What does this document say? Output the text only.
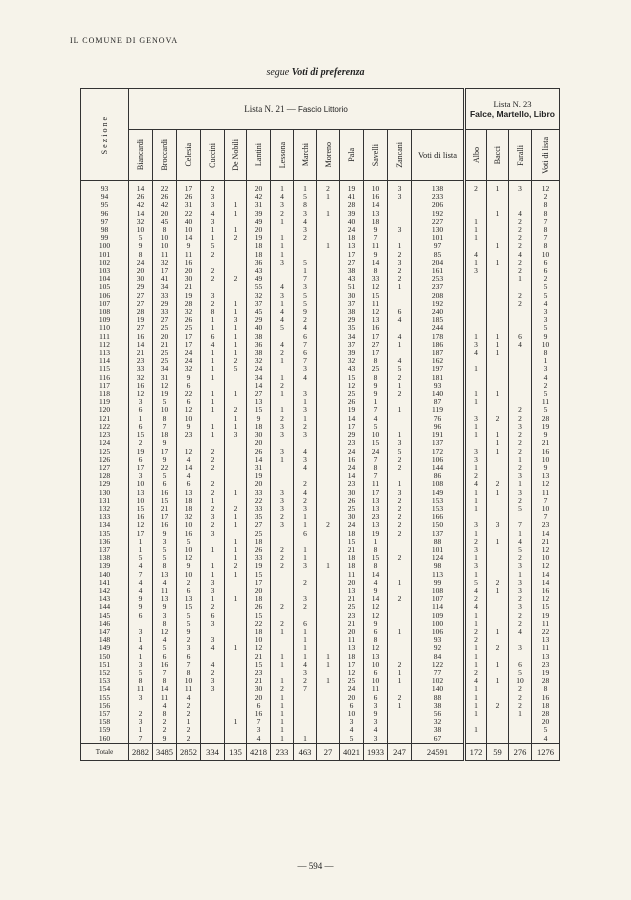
IL COMUNE DI GENOVA
segue Voti di preferenza
Sezione	Lista N. 21 — Fascio Littorio													Lista N. 23
Falce, Martello, Libro			

	Biancardi	Broccardi	Celesia	Cuccini	De Nobili	Lantini	Lessona	Marchi	Moreno	Pala	Savelli	Zancani	Voti di lista	Albo	Bacci	Faralli	Voti di lista

93	14	22	17	2		20	1	1	2	19	10	3	138	2	1	3	12
94	26	26	26	3		42	4	5	1	41	16	3	233				2
95	42	42	31	3	1	31	3	8		28	14		206				8
96	14	20	22	4	1	39	2	3	1	39	13		192		1	4	8
97	32	45	40	3		49	1	4		40	18		227	1		2	7
98	10	8	10	1	1	20		3		24	9	3	130	1		2	8
99	5	10	14	1	2	19	1	2		18	7		101	1		2	7
100	9	10	9	5		18	1		1	13	11	1	97		1	2	8
101	8	11	11	2		18	1			17	9	2	85	4		4	10
102	24	32	16			36	3	5		27	14	3	204	1	1	2	6
103	20	17	20	2		43		1		38	8	2	161	3		2	6
104	30	41	30	2	2	49		7		43	33	2	253			1	2
105	29	34	21			55	4	3		51	12	1	237				5
106	27	33	19	3		32	3	5		30	15		208			2	5
107	27	29	28	2	1	37	1	5		37	11		192			2	4
108	28	33	32	8	1	45	4	9		38	12	6	240				3
109	19	27	26	1	3	29	4	2		29	13	4	185				3
110	27	25	25	1	1	40	5	4		35	16		244				5
111	16	20	17	6	1	38		6		34	17	4	178	1	1	6	9
112	14	21	17	4	1	36	4	7		37	27	1	186	3	1	4	10
113	21	25	24	1	1	38	2	6		39	17		187	4	1		8
114	23	25	24	1	2	32	1	7		32	8	4	162				1
115	33	34	32	1	5	24		3		43	25	5	197	1			3
116	32	31	9	1		34	1	4		15	8	2	181				4
117	16	12	6			14	2			12	9	1	93				2
118	12	19	22	1	1	27	1	3		25	9	2	140	1	1		5
119	3	5	6	1		13		1		26	1		87	1			11
120	6	10	12	1	2	15	1	3		19	7	1	119			2	5
121	1	8	10		1	9	2	1		14	4		76	3	2	2	28
122	6	7	9	1	1	18	3	2		17	5		96	1		3	19
123	15	18	23	1	3	30	3	3		29	10	1	191	1	1	2	9
124	2	9				20				23	15	3	137		1	2	21
125	19	17	12	2		26	3	4		24	24	5	172	3	1	2	16
126	6	9	4	2		14	1	3		16	7	2	106	3		1	10
127	17	22	14	2		31		4		24	8	2	144	1		2	9
128	3	5	4			19				14	7		86	2		3	13
129	10	6	6	2		20		2		23	11	1	108	4	2	1	12
130	13	16	13	2	1	33	3	4		30	17	3	149	1	1	3	11
131	10	15	18	1		22	3	2		26	13	2	153	1		2	7
132	15	21	18	2	2	33	3	3		25	13	2	153	1		5	10
133	16	17	32	3	1	35	2	1		30	23	2	166				7
134	12	16	10	2	1	27	3	1	2	24	13	2	150	3	3	7	23
135	17	9	16	3		25		6		18	19	2	137	1		1	14
136	1	3	5		1	18				15	1		88	2	1	4	21
137	1	5	10	1	1	26	2	1		21	8		101	3		5	12
138	5	5	12		1	33	2	1		18	15	2	124	1		2	10
139	4	8	9	1	2	19	2	3	1	18	8		98	3		3	12
140	7	13	10	1	1	15				11	14		113	1		1	14
141	4	4	2	3		17		2		20	4	1	99	5	2	3	14
142	4	11	6	3		20				13	9		108	4	1	3	16
143	9	13	13	1	1	18		3		21	14	2	107	2		2	12
144	9	9	15	2		26	2	2		25	12		114	4		3	15
145	6	3	5	6		15				23	12		109	1		2	19
146		8	5	3		22	2	6		21	9		100	1		2	11
147	3	12	9			18	1	1		20	6	1	106	2	1	4	22
148	1	4	2	3		10		1		11	8		93	2			13
149	4	5	3	4	1	12		1		13	12		92	1	2	3	11
150	1	6	6			21	1	1	1	18	13		84	1			13
151	3	16	7	4		15	1	4	1	17	10	2	122	1	1	6	23
152	5	7	8	2		23		3		12	6	1	77	2		5	19
153	8	8	10	3		21	1	2	1	25	10	1	102	4	1	10	28
154	11	14	11	3		30	2	7		24	11		140	1		2	8
155	3	11	4			20	1			20	6	2	88	1		2	16
156		4	2			6	1			6	3	1	38	1	2	2	18
157	2	8	2			16	1			10	9		56	1		1	28
158	3	2	1		1	7	1			3	3		32				20
159	1	2	2			3	1			4	4		38	1			5
160	7	9	2			4	1	1		5	3		67				4
Totale	2882	3485	2852	334	135	4218	233	463	27	4021	1933	247	24591	172	59	276	1276
— 594 —
